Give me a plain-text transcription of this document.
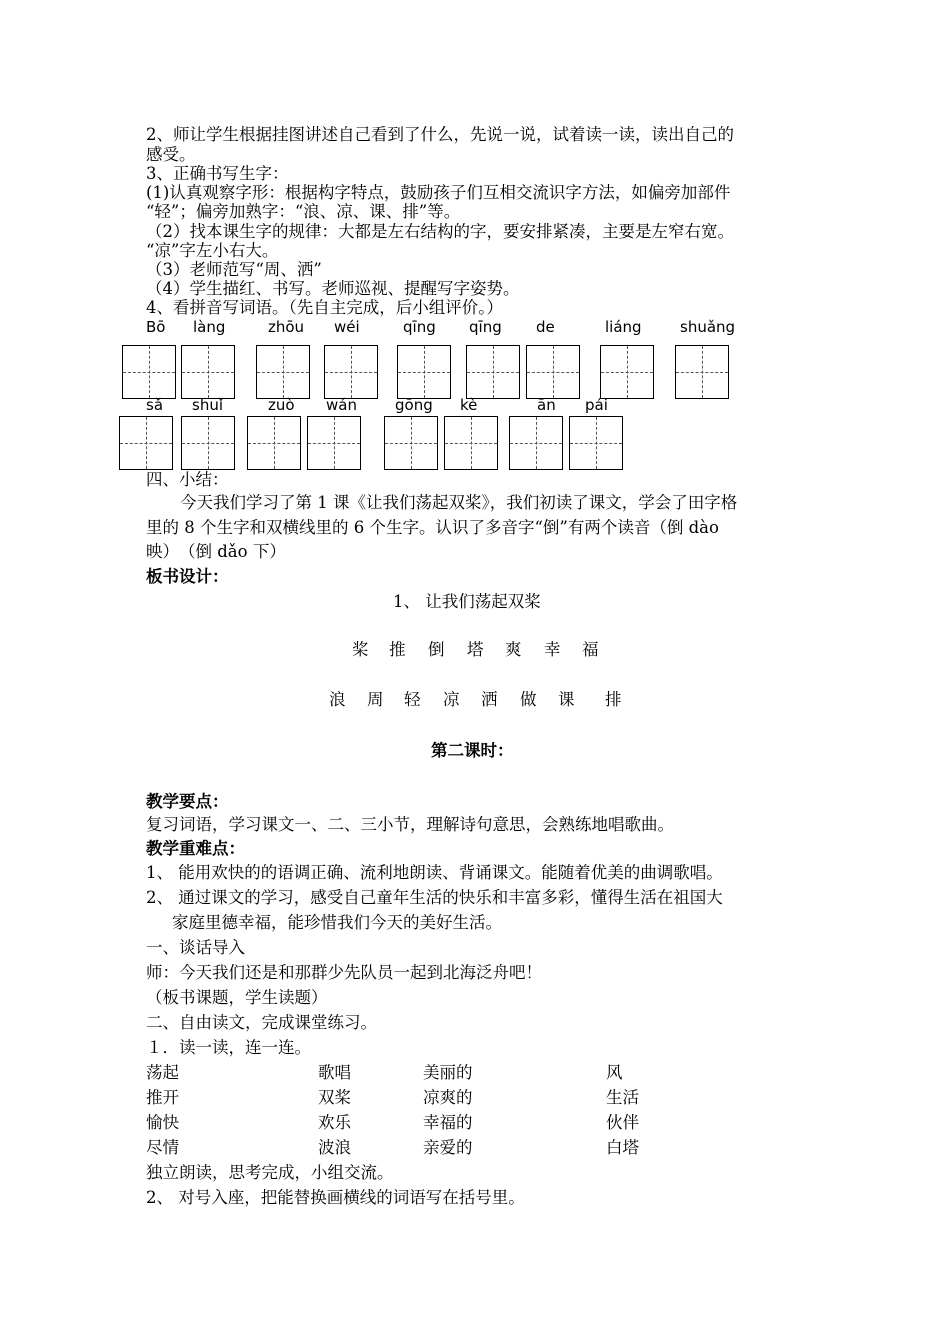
2、师让学生根据挂图讲述自己看到了什么，先说一说，试着读一读，读出自己的
感受。
3、正确书写生字：
(1)认真观察字形：根据构字特点，鼓励孩子们互相交流识字方法，如偏旁加部件
“轻”；偏旁加熟字：“浪、凉、课、排”等。
（2）找本课生字的规律：大都是左右结构的字，要安排紧凑，主要是左窄右宽。
“凉”字左小右大。
（3）老师范写“周、洒”
（4）学生描红、书写。老师巡视、提醒写字姿势。
4、看拼音写词语。（先自主完成，后小组评价。）
Bō làng	zhōu wéi	qīng qīng de	liáng	shuǎng
sǎ shuǐ	zuò wán	gōng kè	ān pái
四、小结：
今天我们学习了第 1 课《让我们荡起双桨》，我们初读了课文，学会了田字格
里的 8 个生字和双横线里的 6 个生字。认识了多音字“倒”有两个读音（倒 dào
映）　（倒 dǎo 下）
板书设计：
1、 让我们荡起双桨
桨 推 倒 塔 爽 幸 福
浪 周 轻 凉 洒 做 课 排
第二课时：
教学要点：
复习词语，学习课文一、二、三小节，理解诗句意思，会熟练地唱歌曲。
教学重难点：
1、 能用欢快的的语调正确、流利地朗读、背诵课文。能随着优美的曲调歌唱。
2、 通过课文的学习，感受自己童年生活的快乐和丰富多彩，懂得生活在祖国大
家庭里德幸福，能珍惜我们今天的美好生活。
一、谈话导入
师：今天我们还是和那群少先队员一起到北海泛舟吧！
（板书课题，学生读题）
二、自由读文，完成课堂练习。
１．读一读，连一连。
荡起	歌唱	美丽的	风
推开	双桨	凉爽的	生活
愉快	欢乐	幸福的	伙伴
尽情	波浪	亲爱的	白塔
独立朗读，思考完成，小组交流。
2、 对号入座，把能替换画横线的词语写在括号里。
